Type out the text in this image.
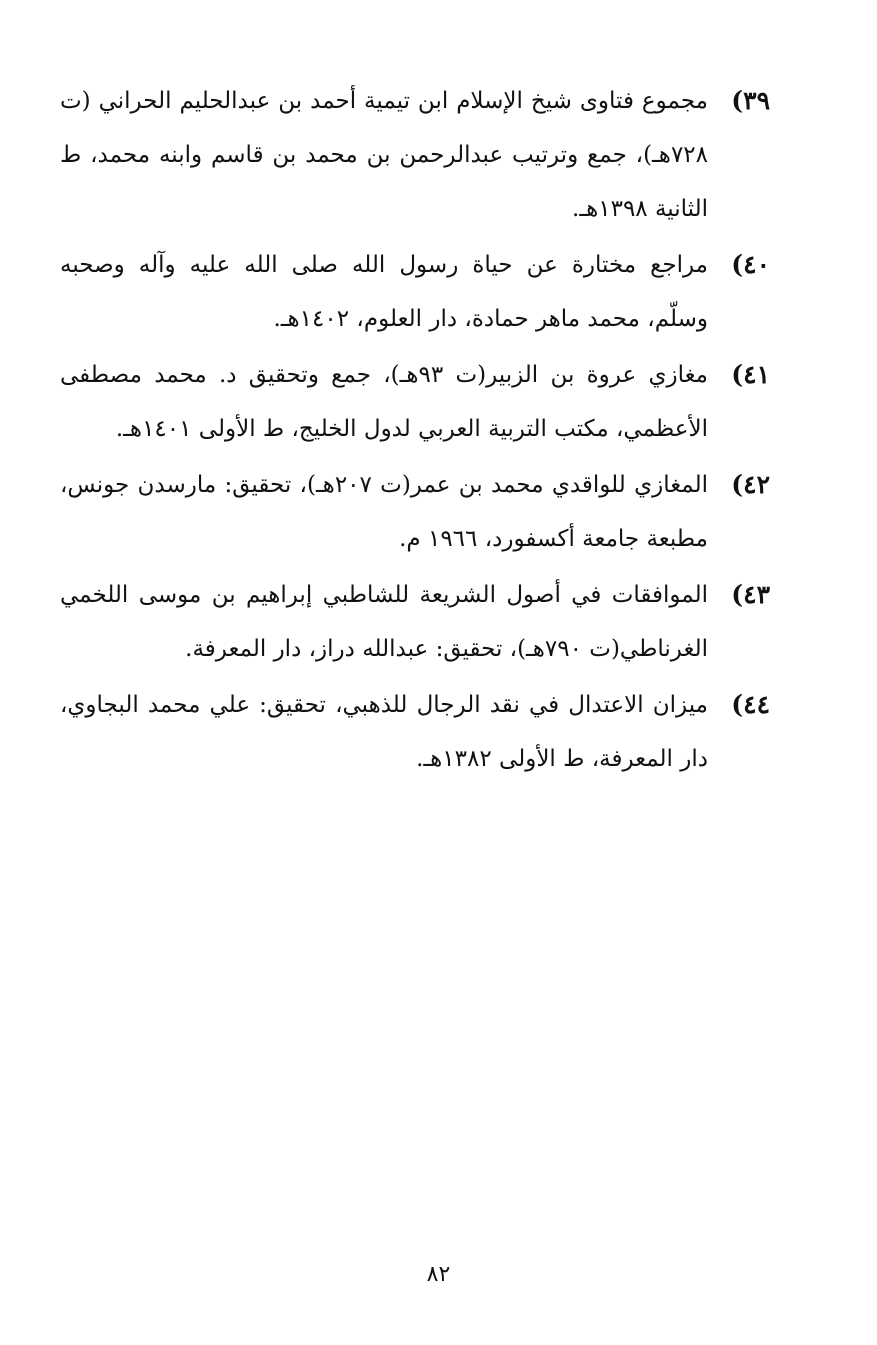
٣٩)
مجموع فتاوى شيخ الإسلام ابن تيمية أحمد بن عبدالحليم الحراني (ت ٧٢٨هـ)، جمع وترتيب عبدالرحمن بن محمد بن قاسم وابنه محمد، ط الثانية ١٣٩٨هـ.
٤٠)
مراجع مختارة عن حياة رسول الله صلى الله عليه وآله وصحبه وسلّم، محمد ماهر حمادة، دار العلوم، ١٤٠٢هـ.
٤١)
مغازي عروة بن الزبير(ت ٩٣هـ)، جمع وتحقيق د. محمد مصطفى الأعظمي، مكتب التربية العربي لدول الخليج، ط الأولى ١٤٠١هـ.
٤٢)
المغازي للواقدي محمد بن عمر(ت ٢٠٧هـ)، تحقيق: مارسدن جونس، مطبعة جامعة أكسفورد، ١٩٦٦ م.
٤٣)
الموافقات في أصول الشريعة للشاطبي إبراهيم بن موسى اللخمي الغرناطي(ت ٧٩٠هـ)، تحقيق: عبدالله دراز، دار المعرفة.
٤٤)
ميزان الاعتدال في نقد الرجال للذهبي، تحقيق: علي محمد البجاوي، دار المعرفة، ط الأولى ١٣٨٢هـ.
٨٢
